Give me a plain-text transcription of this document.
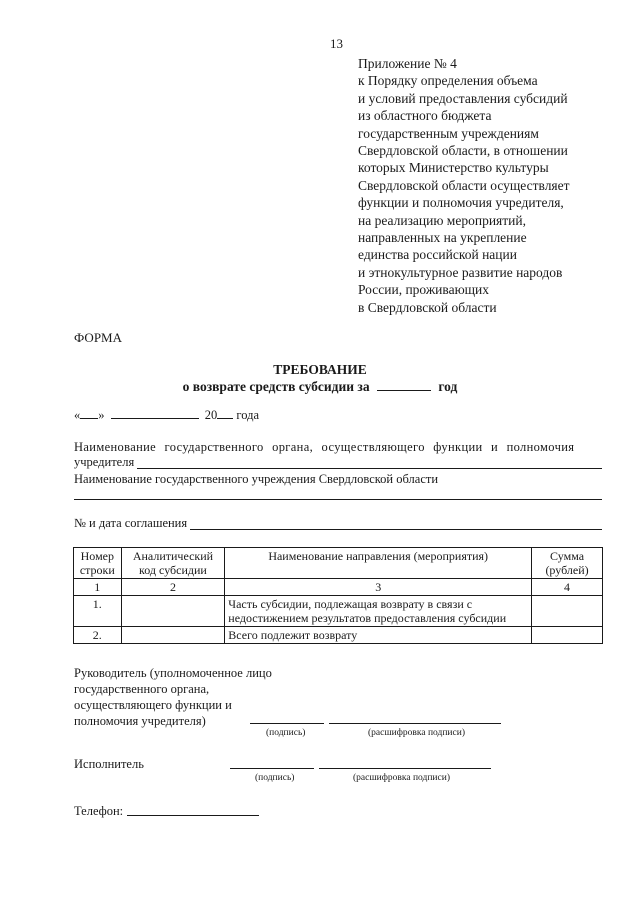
13
Приложение № 4
к Порядку определения объема
и условий предоставления субсидий
из областного бюджета
государственным учреждениям
Свердловской области, в отношении
которых Министерство культуры
Свердловской области осуществляет
функции и полномочия учредителя,
на реализацию мероприятий,
направленных на укрепление
единства российской нации
и этнокультурное развитие народов
России, проживающих
в Свердловской области
ФОРМА
ТРЕБОВАНИЕ
о возврате средств субсидии за	год
« »	20 года
Наименование государственного органа, осуществляющего функции и полномочия
учредителя
Наименование государственного учреждения Свердловской области
№ и дата соглашения
Номер строки	Аналитический код субсидии	Наименование направления (мероприятия)	Сумма (рублей)
1	2	3	4
1.		Часть субсидии, подлежащая возврату в связи с недостижением результатов предоставления субсидии	
2.		Всего подлежит возврату	
Руководитель (уполномоченное лицо
государственного органа,
осуществляющего функции и
полномочия учредителя)
(подпись)	(расшифровка подписи)
Исполнитель
(подпись)	(расшифровка подписи)
Телефон:
